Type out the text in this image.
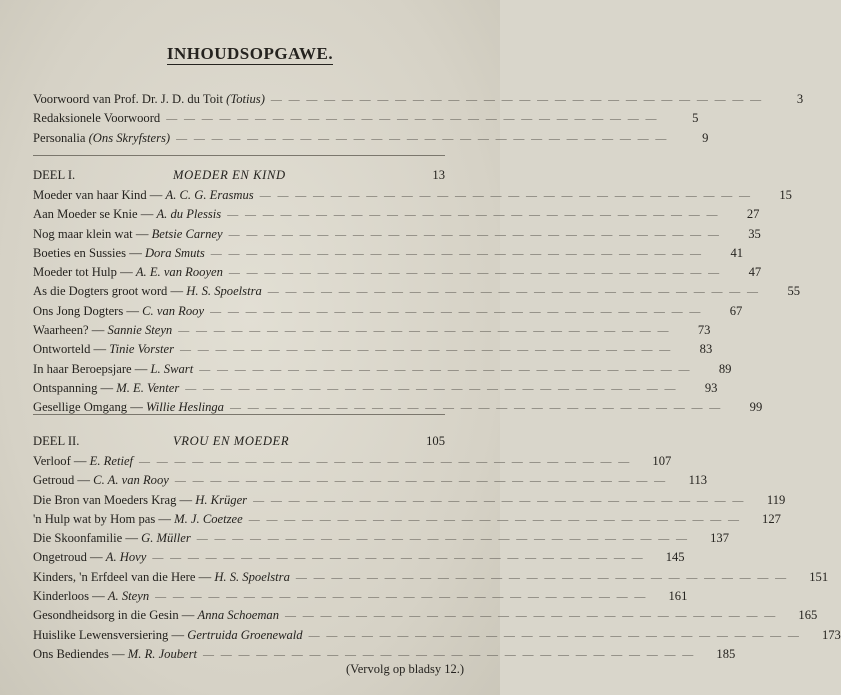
INHOUDSOPGAWE.
Voorwoord van Prof. Dr. J. D. du Toit (Totius) — — — — — — — — — — — — — — — — — — — — — — — — — — — —	3
Redaksionele Voorwoord — — — — — — — — — — — — — — — — — — — — — — — — — — — —	5
Personalia (Ons Skryfsters) — — — — — — — — — — — — — — — — — — — — — — — — — — — —	9
DEEL I.	MOEDER EN KIND	13
Moeder van haar Kind — A. C. G. Erasmus — — — — — — — — — — — — — — — — — — — — — — — — — — — —	15
Aan Moeder se Knie — A. du Plessis — — — — — — — — — — — — — — — — — — — — — — — — — — — —	27
Nog maar klein wat — Betsie Carney — — — — — — — — — — — — — — — — — — — — — — — — — — — —	35
Boeties en Sussies — Dora Smuts — — — — — — — — — — — — — — — — — — — — — — — — — — — —	41
Moeder tot Hulp — A. E. van Rooyen — — — — — — — — — — — — — — — — — — — — — — — — — — — —	47
As die Dogters groot word — H. S. Spoelstra — — — — — — — — — — — — — — — — — — — — — — — — — — — —	55
Ons Jong Dogters — C. van Rooy — — — — — — — — — — — — — — — — — — — — — — — — — — — —	67
Waarheen? — Sannie Steyn — — — — — — — — — — — — — — — — — — — — — — — — — — — —	73
Ontworteld — Tinie Vorster — — — — — — — — — — — — — — — — — — — — — — — — — — — —	83
In haar Beroepsjare — L. Swart — — — — — — — — — — — — — — — — — — — — — — — — — — — —	89
Ontspanning — M. E. Venter — — — — — — — — — — — — — — — — — — — — — — — — — — — —	93
Gesellige Omgang — Willie Heslinga — — — — — — — — — — — — — — — — — — — — — — — — — — — —	99
DEEL II.	VROU EN MOEDER	105
Verloof — E. Retief — — — — — — — — — — — — — — — — — — — — — — — — — — — —	107
Getroud — C. A. van Rooy — — — — — — — — — — — — — — — — — — — — — — — — — — — —	113
Die Bron van Moeders Krag — H. Krüger — — — — — — — — — — — — — — — — — — — — — — — — — — — —	119
'n Hulp wat by Hom pas — M. J. Coetzee — — — — — — — — — — — — — — — — — — — — — — — — — — — —	127
Die Skoonfamilie — G. Müller — — — — — — — — — — — — — — — — — — — — — — — — — — — —	137
Ongetroud — A. Hovy — — — — — — — — — — — — — — — — — — — — — — — — — — — —	145
Kinders, 'n Erfdeel van die Here — H. S. Spoelstra — — — — — — — — — — — — — — — — — — — — — — — — — — — —	151
Kinderloos — A. Steyn — — — — — — — — — — — — — — — — — — — — — — — — — — — —	161
Gesondheidsorg in die Gesin — Anna Schoeman — — — — — — — — — — — — — — — — — — — — — — — — — — — —	165
Huislike Lewensversiering — Gertruida Groenewald — — — — — — — — — — — — — — — — — — — — — — — — — — — —	173
Ons Bediendes — M. R. Joubert — — — — — — — — — — — — — — — — — — — — — — — — — — — —	185
(Vervolg op bladsy 12.)
